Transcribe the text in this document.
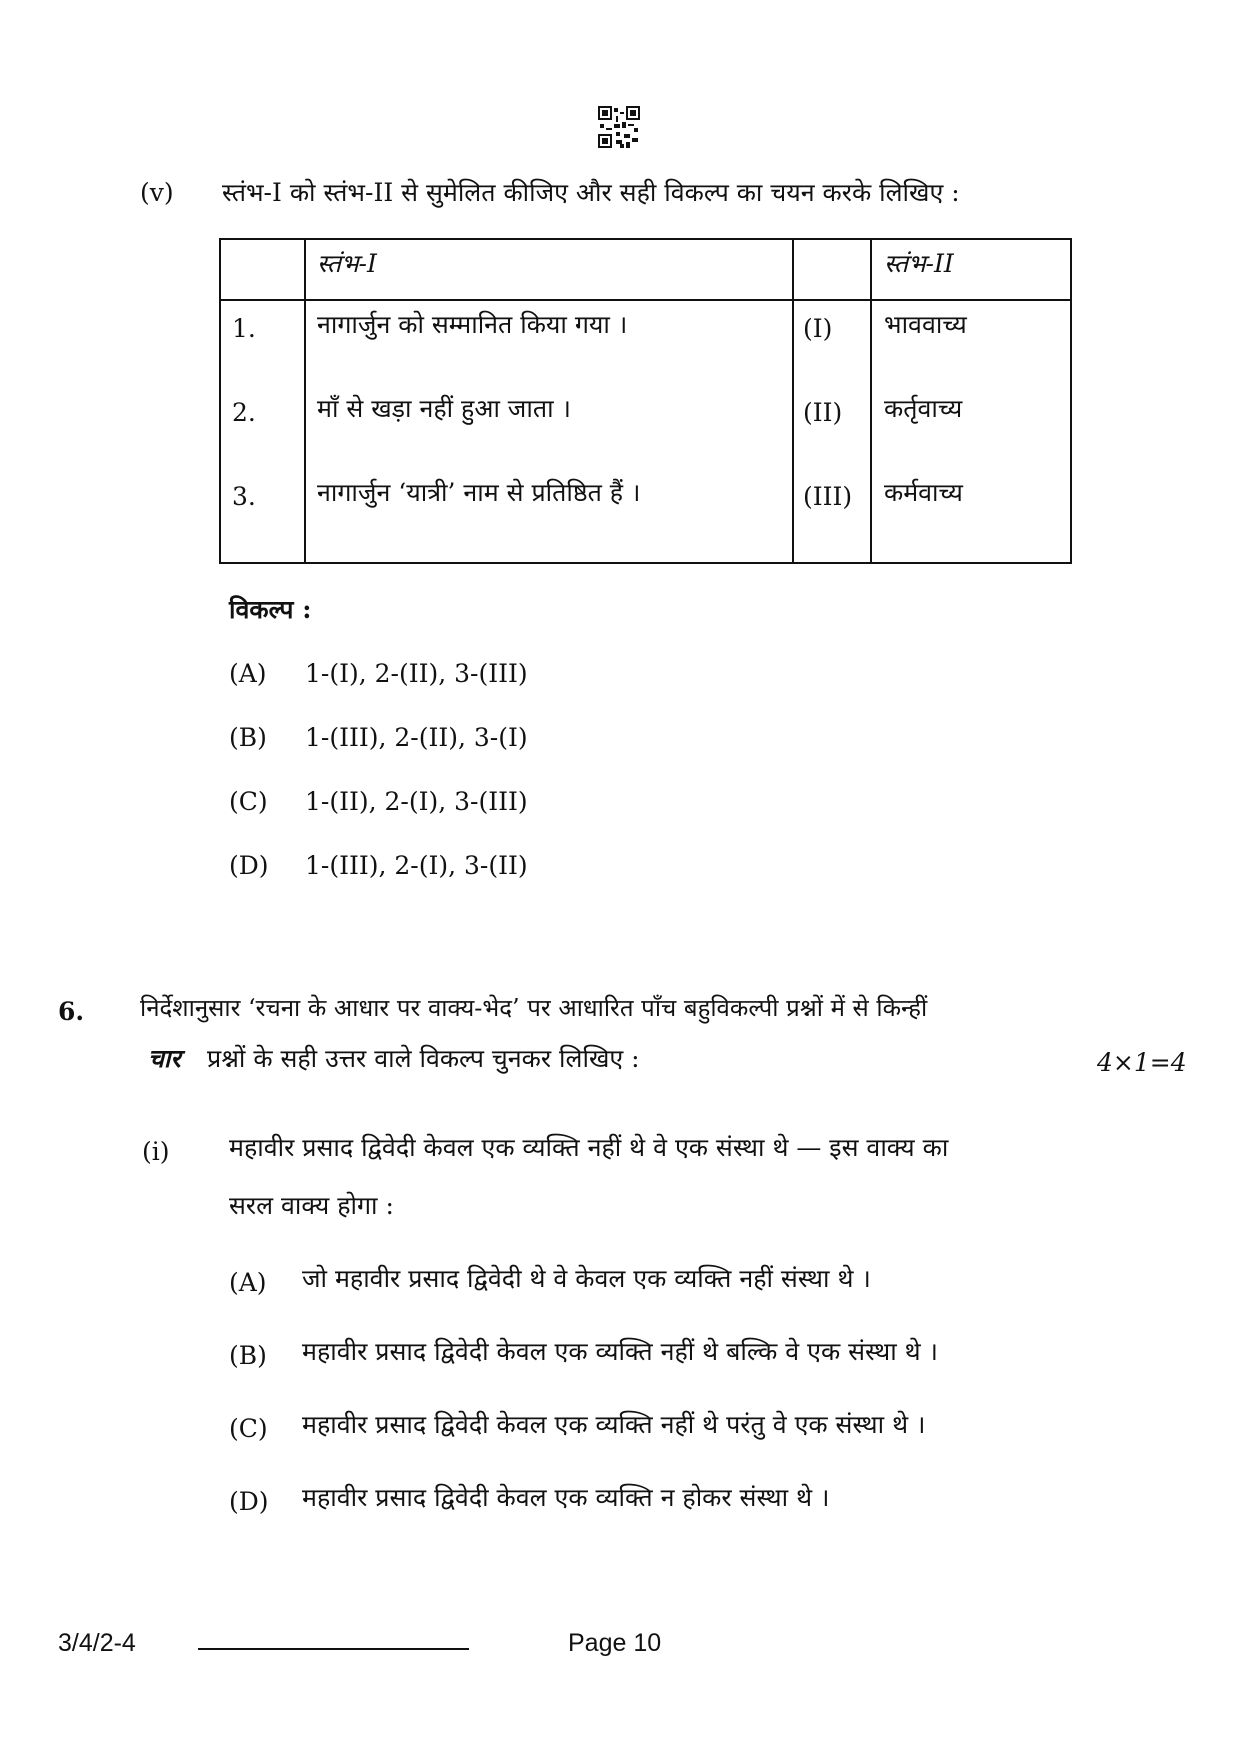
(v) स्तंभ-I को स्तंभ-II से सुमेलित कीजिए और सही विकल्प का चयन करके लिखिए :
स्तंभ-I	स्तंभ-II
1. नागार्जुन को सम्मानित किया गया ।	(I) भाववाच्य
2. माँ से खड़ा नहीं हुआ जाता ।	(II) कर्तृवाच्य
3. नागार्जुन ‘यात्री’ नाम से प्रतिष्ठित हैं ।	(III) कर्मवाच्य
विकल्प :
(A) 1-(I), 2-(II), 3-(III)
(B) 1-(III), 2-(II), 3-(I)
(C) 1-(II), 2-(I), 3-(III)
(D) 1-(III), 2-(I), 3-(II)
6. निर्देशानुसार ‘रचना के आधार पर वाक्य-भेद’ पर आधारित पाँच बहुविकल्पी प्रश्नों में से किन्हीं
चार प्रश्नों के सही उत्तर वाले विकल्प चुनकर लिखिए :	4×1=4
(i) महावीर प्रसाद द्विवेदी केवल एक व्यक्ति नहीं थे वे एक संस्था थे — इस वाक्य का
सरल वाक्य होगा :
(A) जो महावीर प्रसाद द्विवेदी थे वे केवल एक व्यक्ति नहीं संस्था थे ।
(B) महावीर प्रसाद द्विवेदी केवल एक व्यक्ति नहीं थे बल्कि वे एक संस्था थे ।
(C) महावीर प्रसाद द्विवेदी केवल एक व्यक्ति नहीं थे परंतु वे एक संस्था थे ।
(D) महावीर प्रसाद द्विवेदी केवल एक व्यक्ति न होकर संस्था थे ।
3/4/2-4	Page 10
